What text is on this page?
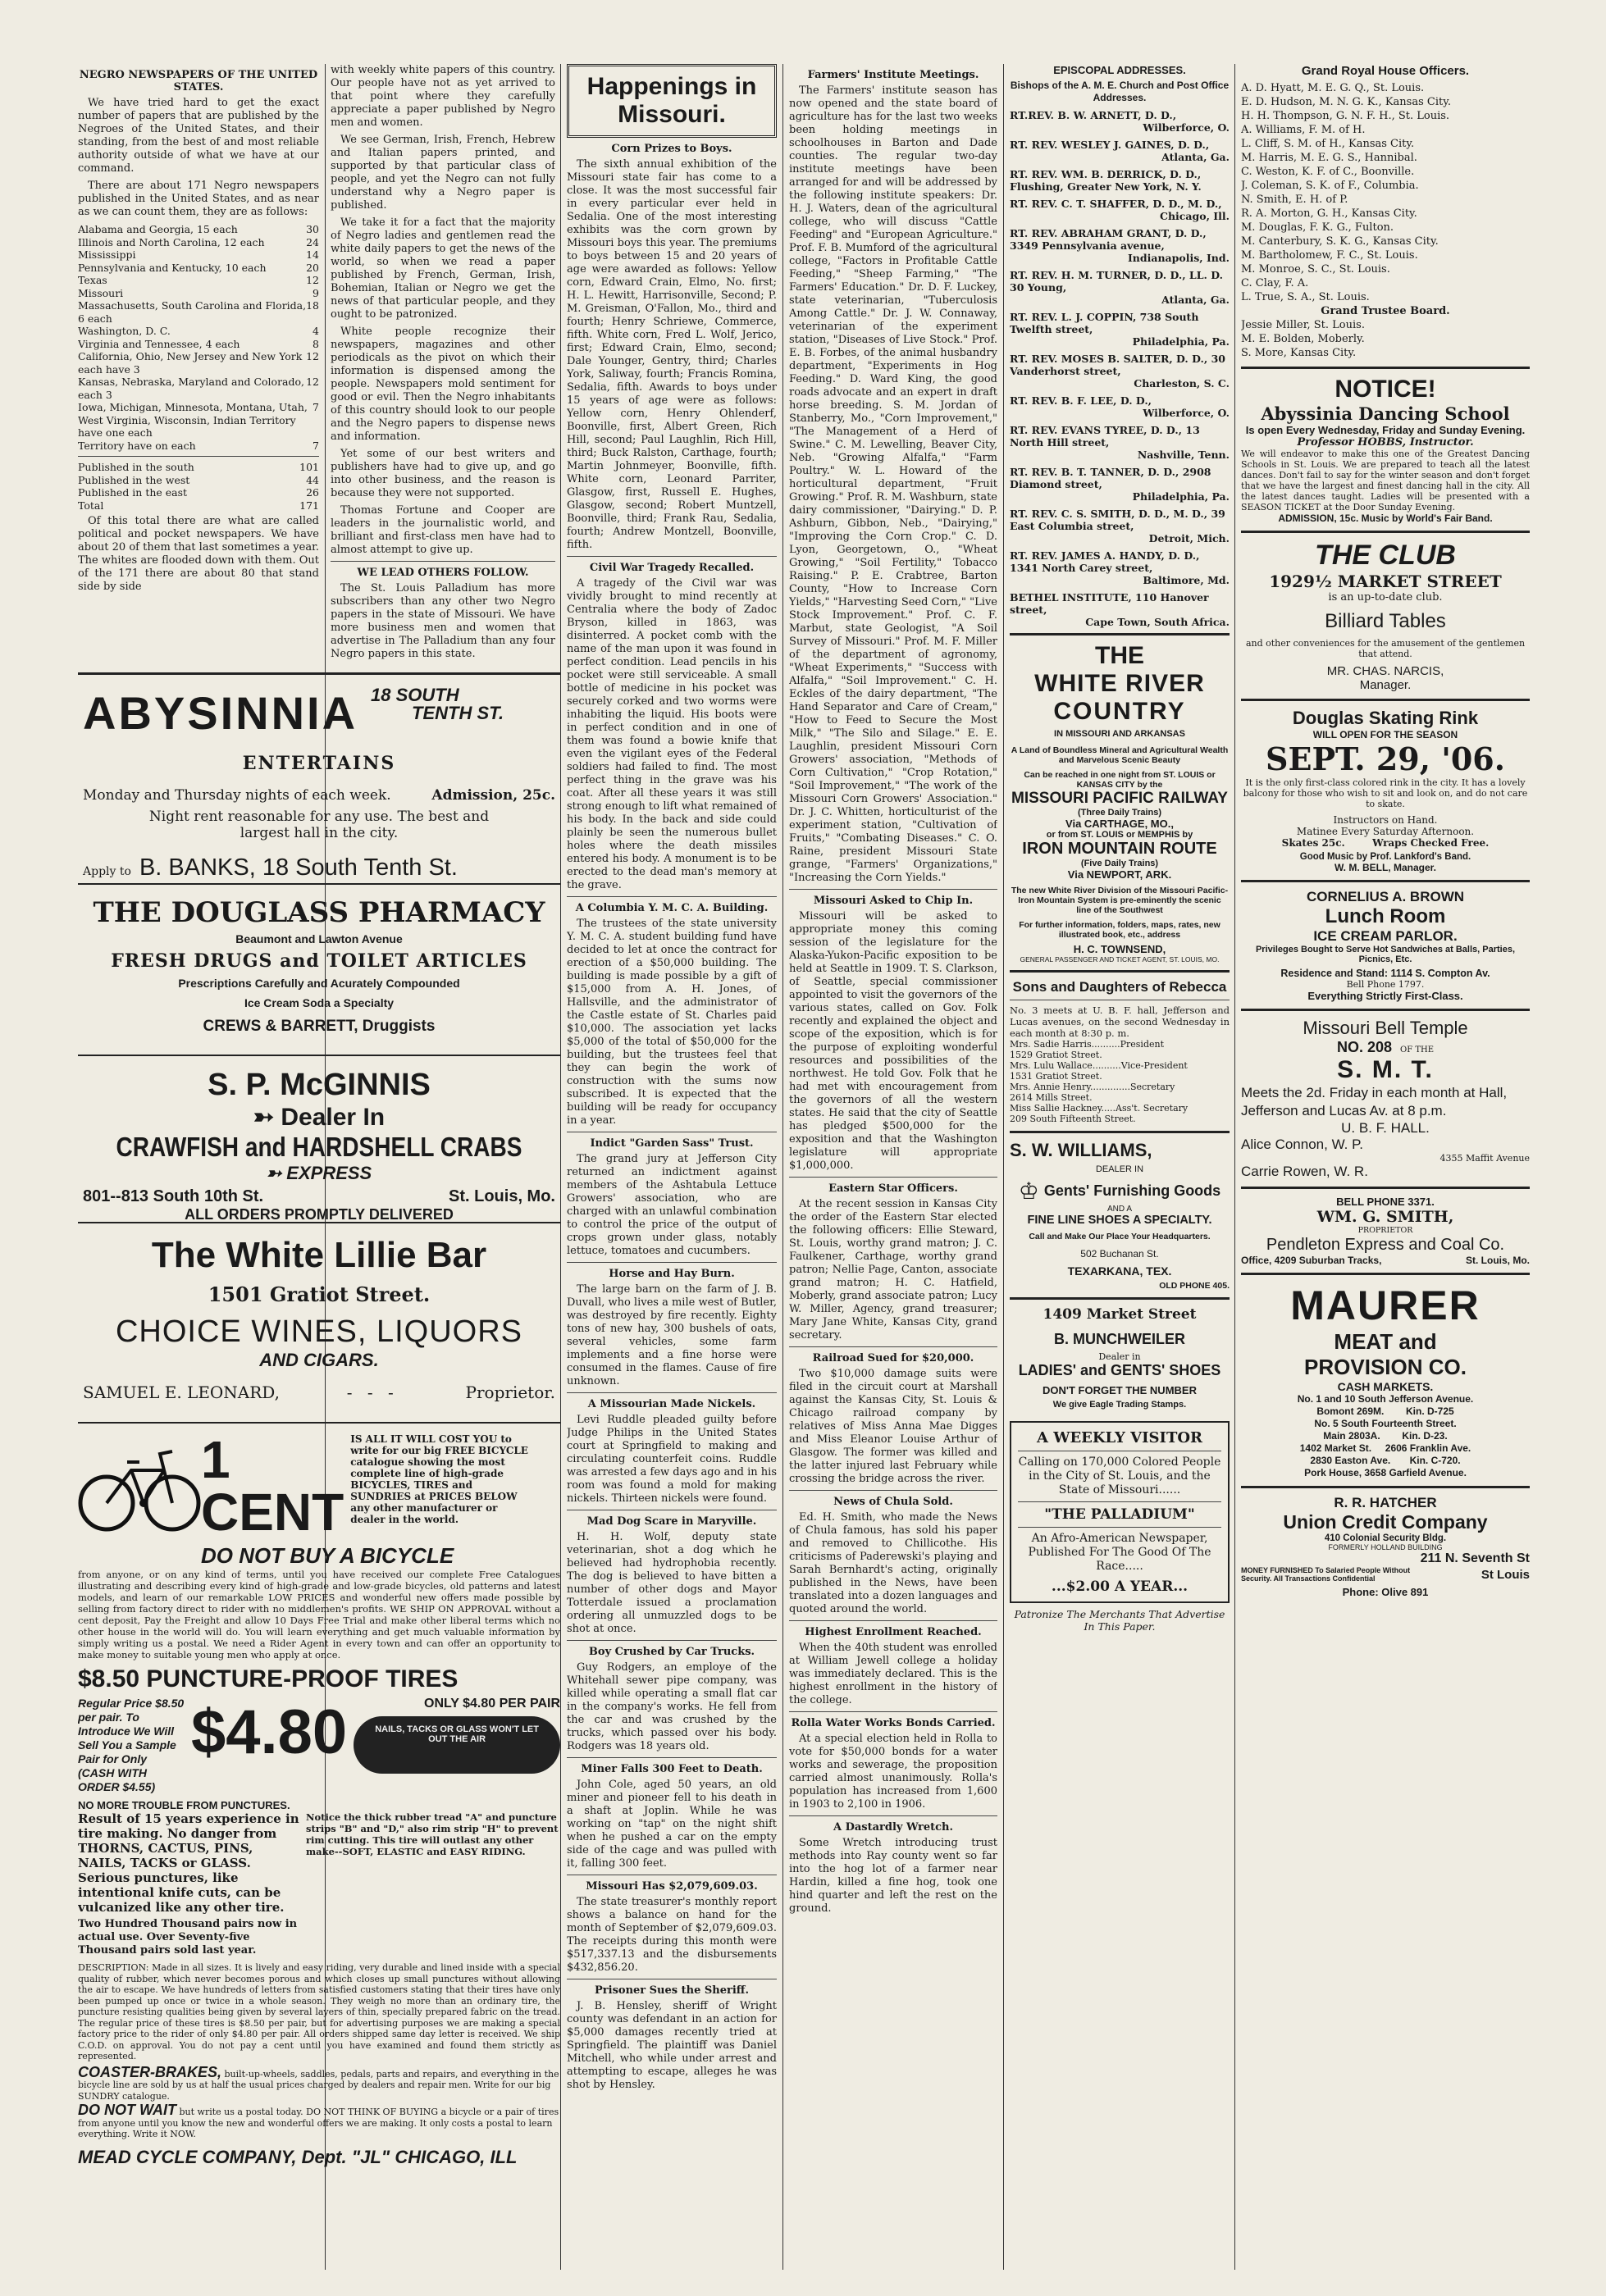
NEGRO NEWSPAPERS OF THE UNITED STATES.

We have tried hard to get the exact number of papers that are published by the Negroes of the United States, and their standing, from the best of and most reliable authority outside of what we have at our command.

There are about 171 Negro newspapers published in the United States, and as near as we can count them, they are as follows:

Alabama and Georgia, 15 each	30
Illinois and North Carolina, 12 each	24
Mississippi	14
Pennsylvania and Kentucky, 10 each	20
Texas	12
Missouri	9
Massachusetts, South Carolina and Florida, 6 each
18
Washington, D. C.	4
Virginia and Tennessee, 4 each	8
California, Ohio, New Jersey and New York each have 3
12
Kansas, Nebraska, Maryland and Colorado, each 3
12
Iowa, Michigan, Minnesota, Montana, Utah, West Virginia, Wisconsin, Indian Territory have one each
7
Territory have on each	7
Published in the south	101
Published in the west	44
Published in the east	26
Total	171

Of this total there are what are called political and pocket newspapers. We have about 20 of them that last sometimes a year. The whites are flooded down with them. Out of the 171 there are about 80 that stand side by side

with weekly white papers of this country. Our people have not as yet arrived to that point where they carefully appreciate a paper published by Negro men and women.

We see German, Irish, French, Hebrew and Italian papers printed, and supported by that particular class of people, and yet the Negro can not fully understand why a Negro paper is published.

We take it for a fact that the majority of Negro ladies and gentlemen read the white daily papers to get the news of the world, so when we read a paper published by French, German, Irish, Bohemian, Italian or Negro we get the news of that particular people, and they ought to be patronized.

White people recognize their newspapers, magazines and other periodicals as the pivot on which their information is dispensed among the people. Newspapers mold sentiment for good or evil. Then the Negro inhabitants of this country should look to our people and the Negro papers to dispense news and information.

Yet some of our best writers and publishers have had to give up, and go into other business, and the reason is because they were not supported.

Thomas Fortune and Cooper are leaders in the journalistic world, and brilliant and first-class men have had to almost attempt to give up.

WE LEAD OTHERS FOLLOW.

The St. Louis Palladium has more subscribers than any other two Negro papers in the state of Missouri. We have more business men and women that advertise in The Palladium than any four Negro papers in this state.

ABYSINNIA 18 SOUTH
TENTH ST.
ENTERTAINS
Monday and Thursday nights of each week.	Admission, 25c.
Night rent reasonable for any use. The best and largest hall in the city.
Apply to B. BANKS, 18 South Tenth St.
THE DOUGLASS PHARMACY
Beaumont and Lawton Avenue
FRESH DRUGS and TOILET ARTICLES
Prescriptions Carefully and Acurately Compounded
Ice Cream Soda a Specialty
CREWS & BARRETT, Druggists
S. P. McGINNIS
➳ Dealer In
CRAWFISH and HARDSHELL CRABS
➳ EXPRESS
801--813 South 10th St.	St. Louis, Mo.
ALL ORDERS PROMPTLY DELIVERED
The White Lillie Bar
1501 Gratiot Street.
CHOICE WINES, LIQUORS
AND CIGARS.
SAMUEL E. LEONARD,	- - -	Proprietor.
1 CENT
IS ALL IT WILL COST YOU to write for our big FREE BICYCLE catalogue showing the most complete line of high-grade BICYCLES, TIRES and SUNDRIES at PRICES BELOW any other manufacturer or dealer in the world.
DO NOT BUY A BICYCLE
from anyone, or on any kind of terms, until you have received our complete Free Catalogues illustrating and describing every kind of high-grade and low-grade bicycles, old patterns and latest models, and learn of our remarkable LOW PRICES and wonderful new offers made possible by selling from factory direct to rider with no middlemen's profits. WE SHIP ON APPROVAL without a cent deposit, Pay the Freight and allow 10 Days Free Trial and make other liberal terms which no other house in the world will do. You will learn everything and get much valuable information by simply writing us a postal. We need a Rider Agent in every town and can offer an opportunity to make money to suitable young men who apply at once.
$8.50 PUNCTURE-PROOF TIRES
Regular Price $8.50 per pair. To Introduce We Will Sell You a Sample Pair for Only (CASH WITH ORDER $4.55)
$4.80	ONLY $4.80 PER PAIR
NAILS, TACKS OR GLASS WON'T LET OUT THE AIR
NO MORE TROUBLE FROM PUNCTURES.
Result of 15 years experience in tire making. No danger from THORNS, CACTUS, PINS, NAILS, TACKS or GLASS. Serious punctures, like intentional knife cuts, can be vulcanized like any other tire.
Two Hundred Thousand pairs now in actual use. Over Seventy-five Thousand pairs sold last year.
Notice the thick rubber tread "A" and puncture strips "B" and "D," also rim strip "H" to prevent rim cutting. This tire will outlast any other make--SOFT, ELASTIC and EASY RIDING.
DESCRIPTION: Made in all sizes. It is lively and easy riding, very durable and lined inside with a special quality of rubber, which never becomes porous and which closes up small punctures without allowing the air to escape. We have hundreds of letters from satisfied customers stating that their tires have only been pumped up once or twice in a whole season. They weigh no more than an ordinary tire, the puncture resisting qualities being given by several layers of thin, specially prepared fabric on the tread. The regular price of these tires is $8.50 per pair, but for advertising purposes we are making a special factory price to the rider of only $4.80 per pair. All orders shipped same day letter is received. We ship C.O.D. on approval. You do not pay a cent until you have examined and found them strictly as represented.
COASTER-BRAKES, built-up-wheels, saddles, pedals, parts and repairs, and everything in the bicycle line are sold by us at half the usual prices charged by dealers and repair men. Write for our big SUNDRY catalogue.
DO NOT WAIT but write us a postal today. DO NOT THINK OF BUYING a bicycle or a pair of tires from anyone until you know the new and wonderful offers we are making. It only costs a postal to learn everything. Write it NOW.
MEAD CYCLE COMPANY, Dept. "JL" CHICAGO, ILL
Happenings in Missouri.
Corn Prizes to Boys.

The sixth annual exhibition of the Missouri state fair has come to a close. It was the most successful fair in every particular ever held in Sedalia. One of the most interesting exhibits was the corn grown by Missouri boys this year. The premiums to boys between 15 and 20 years of age were awarded as follows: Yellow corn, Edward Crain, Elmo, No. first; H. L. Hewitt, Harrisonville, Second; P. M. Greisman, O'Fallon, Mo., third and fourth; Henry Schriewe, Commerce, fifth. White corn, Fred L. Wolf, Jerico, first; Edward Crain, Elmo, second; Dale Younger, Gentry, third; Charles York, Saliway, fourth; Francis Romina, Sedalia, fifth. Awards to boys under 15 years of age were as follows: Yellow corn, Henry Ohlenderf, Boonville, first, Albert Green, Rich Hill, second; Paul Laughlin, Rich Hill, third; Buck Ralston, Carthage, fourth; Martin Johnmeyer, Boonville, fifth. White corn, Leonard Parriter, Glasgow, first, Russell E. Hughes, Glasgow, second; Robert Muntzell, Boonville, third; Frank Rau, Sedalia, fourth; Andrew Montzell, Boonville, fifth.

Civil War Tragedy Recalled.

A tragedy of the Civil war was vividly brought to mind recently at Centralia where the body of Zadoc Bryson, killed in 1863, was disinterred. A pocket comb with the name of the man upon it was found in perfect condition. Lead pencils in his pocket were still serviceable. A small bottle of medicine in his pocket was securely corked and two worms were inhabiting the liquid. His boots were in perfect condition and in one of them was found a bowie knife that even the vigilant eyes of the Federal soldiers had failed to find. The most perfect thing in the grave was his coat. After all these years it was still strong enough to lift what remained of his body. In the back and side could plainly be seen the numerous bullet holes where the death missiles entered his body. A monument is to be erected to the dead man's memory at the grave.

A Columbia Y. M. C. A. Building.

The trustees of the state university Y. M. C. A. student building fund have decided to let at once the contract for erection of a $50,000 building. The building is made possible by a gift of $15,000 from A. H. Jones, of Hallsville, and the administrator of the Castle estate of St. Charles paid $10,000. The association yet lacks $5,000 of the total of $50,000 for the building, but the trustees feel that they can begin the work of construction with the sums now subscribed. It is expected that the building will be ready for occupancy in a year.

Indict "Garden Sass" Trust.

The grand jury at Jefferson City returned an indictment against members of the Ashtabula Lettuce Growers' association, who are charged with an unlawful combination to control the price of the output of crops grown under glass, notably lettuce, tomatoes and cucumbers.

Horse and Hay Burn.

The large barn on the farm of J. B. Duvall, who lives a mile west of Butler, was destroyed by fire recently. Eighty tons of new hay, 300 bushels of oats, several vehicles, some farm implements and a fine horse were consumed in the flames. Cause of fire unknown.

A Missourian Made Nickels.

Levi Ruddle pleaded guilty before Judge Philips in the United States court at Springfield to making and circulating counterfeit coins. Ruddle was arrested a few days ago and in his room was found a mold for making nickels. Thirteen nickels were found.

Mad Dog Scare in Maryville.

H. H. Wolf, deputy state veterinarian, shot a dog which he believed had hydrophobia recently. The dog is believed to have bitten a number of other dogs and Mayor Totterdale issued a proclamation ordering all unmuzzled dogs to be shot at once.

Boy Crushed by Car Trucks.

Guy Rodgers, an employe of the Whitehall sewer pipe company, was killed while operating a small flat car in the company's works. He fell from the car and was crushed by the trucks, which passed over his body. Rodgers was 18 years old.

Miner Falls 300 Feet to Death.

John Cole, aged 50 years, an old miner and pioneer fell to his death in a shaft at Joplin. While he was working on "tap" on the night shift when he pushed a car on the empty side of the cage and was pulled with it, falling 300 feet.

Missouri Has $2,079,609.03.

The state treasurer's monthly report shows a balance on hand for the month of September of $2,079,609.03. The receipts during this month were $517,337.13 and the disbursements $432,856.20.

Prisoner Sues the Sheriff.

J. B. Hensley, sheriff of Wright county was defendant in an action for $5,000 damages recently tried at Springfield. The plaintiff was Daniel Mitchell, who while under arrest and attempting to escape, alleges he was shot by Hensley.

Farmers' Institute Meetings.

The Farmers' institute season has now opened and the state board of agriculture has for the last two weeks been holding meetings in schoolhouses in Barton and Dade counties. The regular two-day institute meetings have been arranged for and will be addressed by the following institute speakers: Dr. H. J. Waters, dean of the agricultural college, who will discuss "Cattle Feeding" and "European Agriculture." Prof. F. B. Mumford of the agricultural college, "Factors in Profitable Cattle Feeding," "Sheep Farming," "The Farmers' Education." Dr. D. F. Luckey, state veterinarian, "Tuberculosis Among Cattle." Dr. J. W. Connaway, veterinarian of the experiment station, "Diseases of Live Stock." Prof. E. B. Forbes, of the animal husbandry department, "Experiments in Hog Feeding." D. Ward King, the good roads advocate and an expert in draft horse breeding. S. M. Jordan of Stanberry, Mo., "Corn Improvement," "The Management of a Herd of Swine." C. M. Lewelling, Beaver City, Neb. "Growing Alfalfa," "Farm Poultry." W. L. Howard of the horticultural department, "Fruit Growing." Prof. R. M. Washburn, state dairy commissioner, "Dairying." D. P. Ashburn, Gibbon, Neb., "Dairying," "Improving the Corn Crop." C. D. Lyon, Georgetown, O., "Wheat Growing," "Soil Fertility," Tobacco Raising." P. E. Crabtree, Barton County, "How to Increase Corn Yields," "Harvesting Seed Corn," "Live Stock Improvement." Prof. C. F. Marbut, state Geologist, "A Soil Survey of Missouri." Prof. M. F. Miller of the department of agronomy, "Wheat Experiments," "Success with Alfalfa," "Soil Improvement." C. H. Eckles of the dairy department, "The Hand Separator and Care of Cream," "How to Feed to Secure the Most Milk," "The Silo and Silage." E. E. Laughlin, president Missouri Corn Growers' association, "Methods of Corn Cultivation," "Crop Rotation," "Soil Improvement," "The work of the Missouri Corn Growers' Association." Dr. J. C. Whitten, horticulturist of the experiment station, "Cultivation of Fruits," "Combating Diseases." C. O. Raine, president Missouri State grange, "Farmers' Organizations," "Increasing the Corn Yields."

Missouri Asked to Chip In.

Missouri will be asked to appropriate money this coming session of the legislature for the Alaska-Yukon-Pacific exposition to be held at Seattle in 1909. T. S. Clarkson, of Seattle, special commissioner appointed to visit the governors of the various states, called on Gov. Folk recently and explained the object and scope of the exposition, which is for the purpose of exploiting wonderful resources and possibilities of the northwest. He told Gov. Folk that he had met with encouragement from the governors of all the western states. He said that the city of Seattle has pledged $500,000 for the exposition and that the Washington legislature will appropriate $1,000,000.

Eastern Star Officers.

At the recent session in Kansas City the order of the Eastern Star elected the following officers: Ellie Steward, St. Louis, worthy grand matron; J. C. Faulkener, Carthage, worthy grand patron; Nellie Page, Canton, associate grand matron; H. C. Hatfield, Moberly, grand associate patron; Lucy W. Miller, Agency, grand treasurer; Mary Jane White, Kansas City, grand secretary.

Railroad Sued for $20,000.

Two $10,000 damage suits were filed in the circuit court at Marshall against the Kansas City, St. Louis & Chicago railroad company by relatives of Miss Anna Mae Digges and Miss Eleanor Louise Arthur of Glasgow. The former was killed and the latter injured last February while crossing the bridge across the river.

News of Chula Sold.

Ed. H. Smith, who made the News of Chula famous, has sold his paper and removed to Chillicothe. His criticisms of Paderewski's playing and Sarah Bernhardt's acting, originally published in the News, have been translated into a dozen languages and quoted around the world.

Highest Enrollment Reached.

When the 40th student was enrolled at William Jewell college a holiday was immediately declared. This is the highest enrollment in the history of the college.

Rolla Water Works Bonds Carried.

At a special election held in Rolla to vote for $50,000 bonds for a water works and sewerage, the proposition carried almost unanimously. Rolla's population has increased from 1,600 in 1903 to 2,100 in 1906.

A Dastardly Wretch.

Some Wretch introducing trust methods into Ray county went so far into the hog lot of a farmer near Hardin, killed a fine hog, took one hind quarter and left the rest on the ground.

EPISCOPAL ADDRESSES.
Bishops of the A. M. E. Church and Post Office Addresses.
RT.REV. B. W. ARNETT, D. D.,
Wilberforce, O.
RT. REV. WESLEY J. GAINES, D. D.,
Atlanta, Ga.
RT. REV. WM. B. DERRICK, D. D., Flushing, Greater New York, N. Y.
RT. REV. C. T. SHAFFER, D. D., M. D.,
Chicago, Ill.
RT. REV. ABRAHAM GRANT, D. D., 3349 Pennsylvania avenue,
Indianapolis, Ind.
RT. REV. H. M. TURNER, D. D., LL. D. 30 Young,
Atlanta, Ga.
RT. REV. L. J. COPPIN, 738 South Twelfth street,
Philadelphia, Pa.
RT. REV. MOSES B. SALTER, D. D., 30 Vanderhorst street,
Charleston, S. C.
RT. REV. B. F. LEE, D. D.,
Wilberforce, O.
RT. REV. EVANS TYREE, D. D., 13 North Hill street,
Nashville, Tenn.
RT. REV. B. T. TANNER, D. D., 2908 Diamond street,
Philadelphia, Pa.
RT. REV. C. S. SMITH, D. D., M. D., 39 East Columbia street,
Detroit, Mich.
RT. REV. JAMES A. HANDY, D. D., 1341 North Carey street,
Baltimore, Md.
BETHEL INSTITUTE, 110 Hanover street,
Cape Town, South Africa.
THE
WHITE RIVER
COUNTRY
IN MISSOURI AND ARKANSAS
A Land of Boundless Mineral and Agricultural Wealth and Marvelous Scenic Beauty
Can be reached in one night from ST. LOUIS or KANSAS CITY by the
MISSOURI PACIFIC RAILWAY
(Three Daily Trains)
Via CARTHAGE, MO.,
or from ST. LOUIS or MEMPHIS by
IRON MOUNTAIN ROUTE
(Five Daily Trains)
Via NEWPORT, ARK.
The new White River Division of the Missouri Pacific-Iron Mountain System is pre-eminently the scenic line of the Southwest
For further information, folders, maps, rates, new illustrated book, etc., address
H. C. TOWNSEND,
GENERAL PASSENGER AND TICKET AGENT, ST. LOUIS, MO.
Sons and Daughters of Rebecca
No. 3 meets at U. B. F. hall, Jefferson and Lucas avenues, on the second Wednesday in each month at 8:30 p. m.
Mrs. Sadie Harris..........President
1529 Gratiot Street.
Mrs. Lulu Wallace..........Vice-President
1531 Gratiot Street.
Mrs. Annie Henry..............Secretary
2614 Mills Street.
Miss Sallie Hackney.....Ass't. Secretary
209 South Fifteenth Street.
S. W. WILLIAMS,
DEALER IN
♔ Gents' Furnishing Goods
AND A
FINE LINE SHOES A SPECIALTY.
Call and Make Our Place Your Headquarters.
502 Buchanan St.
TEXARKANA, TEX.
OLD PHONE 405.
1409 Market Street
B. MUNCHWEILER
Dealer in
LADIES' and GENTS' SHOES
DON'T FORGET THE NUMBER
We give Eagle Trading Stamps.
A WEEKLY VISITOR
Calling on 170,000 Colored People in the City of St. Louis, and the State of Missouri......
"THE PALLADIUM"
An Afro-American Newspaper, Published For The Good Of The Race.....
...$2.00 A YEAR...
Patronize The Merchants That Advertise In This Paper.
Grand Royal House Officers.
A. D. Hyatt, M. E. G. Q., St. Louis.
E. D. Hudson, M. N. G. K., Kansas City.
H. H. Thompson, G. N. F. H., St. Louis.
A. Williams, F. M. of H.
L. Cliff, S. M. of H., Kansas City.
M. Harris, M. E. G. S., Hannibal.
C. Weston, K. F. of C., Boonville.
J. Coleman, S. K. of F., Columbia.
N. Smith, E. H. of P.
R. A. Morton, G. H., Kansas City.
M. Douglas, F. K. G., Fulton.
M. Canterbury, S. K. G., Kansas City.
M. Bartholomew, F. C., St. Louis.
M. Monroe, S. C., St. Louis.
C. Clay, F. A.
L. True, S. A., St. Louis.
Grand Trustee Board.
Jessie Miller, St. Louis.
M. E. Bolden, Moberly.
S. More, Kansas City.
NOTICE!
Abyssinia Dancing School
Is open Every Wednesday, Friday and Sunday Evening.
Professor HOBBS, Instructor.
We will endeavor to make this one of the Greatest Dancing Schools in St. Louis. We are prepared to teach all the latest dances. Don't fail to say for the winter season and don't forget that we have the largest and finest dancing hall in the city. All the latest dances taught. Ladies will be presented with a SEASON TICKET at the Door Sunday Evening.
ADMISSION, 15c. Music by World's Fair Band.
THE CLUB
1929½ MARKET STREET
is an up-to-date club.
Billiard Tables
and other conveniences for the amusement of the gentlemen that attend.
MR. CHAS. NARCIS,
Manager.
Douglas Skating Rink
WILL OPEN FOR THE SEASON
SEPT. 29, '06.
It is the only first-class colored rink in the city. It has a lovely balcony for those who wish to sit and look on, and do not care to skate.
Instructors on Hand.
Matinee Every Saturday Afternoon.
Skates 25c.        Wraps Checked Free.
Good Music by Prof. Lankford's Band.
W. M. BELL, Manager.
CORNELIUS A. BROWN
Lunch Room
ICE CREAM PARLOR.
Privileges Bought to Serve Hot Sandwiches at Balls, Parties, Picnics, Etc.
Residence and Stand: 1114 S. Compton Av.
Bell Phone 1797.
Everything Strictly First-Class.
Missouri Bell Temple
NO. 208 OF THE
S. M. T.
Meets the 2d. Friday in each month at Hall, Jefferson and Lucas Av. at 8 p.m.
U. B. F. HALL.
Alice Connon, W. P.
4355 Maffit Avenue
Carrie Rowen, W. R.
BELL PHONE 3371.
WM. G. SMITH,
PROPRIETOR
Pendleton Express and Coal Co.
Office, 4209 Suburban Tracks,	St. Louis, Mo.
MAURER
MEAT and
PROVISION CO.
CASH MARKETS.
No. 1 and 10 South Jefferson Avenue.
Bomont 269M.        Kin. D-725
No. 5 South Fourteenth Street.
Main 2803A.        Kin. D-23.
1402 Market St.     2606 Franklin Ave.
2830 Easton Ave.       Kin. C-720.
Pork House, 3658 Garfield Avenue.
R. R. HATCHER
Union Credit Company
410 Colonial Security Bldg.
FORMERLY HOLLAND BUILDING
211 N. Seventh St
MONEY FURNISHED To Salaried People Without Security. All Transactions Confidential	St Louis
Phone: Olive 891
